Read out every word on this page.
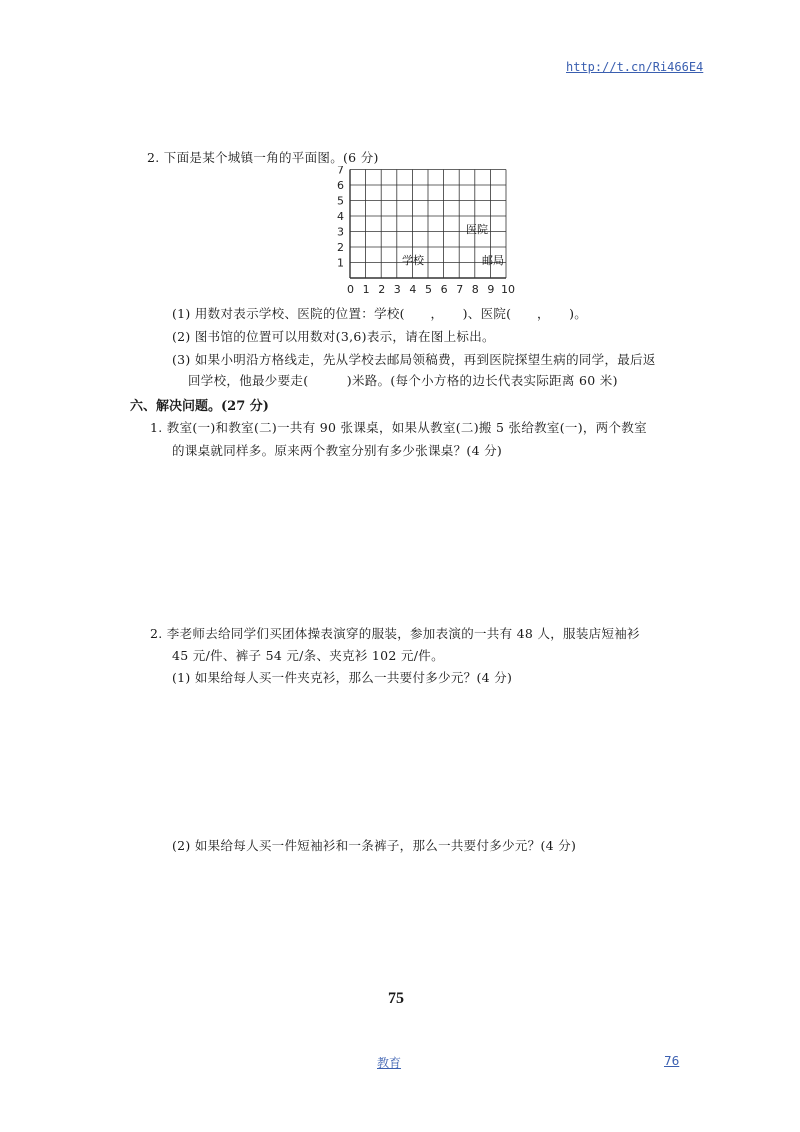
http://t.cn/Ri466E4
2. 下面是某个城镇一角的平面图。(6 分)
7
6
5
4
3
2
1
0 1 2 3 4 5 6 7 8 9 10
学校
医院
邮局
(1) 用数对表示学校、医院的位置：学校(　　，　　)、医院(　　，　　)。
(2) 图书馆的位置可以用数对(3,6)表示，请在图上标出。
(3) 如果小明沿方格线走，先从学校去邮局领稿费，再到医院探望生病的同学，最后返
回学校，他最少要走(　　　)米路。(每个小方格的边长代表实际距离 60 米)
六、解决问题。(27 分)
1. 教室(一)和教室(二)一共有 90 张课桌，如果从教室(二)搬 5 张给教室(一)，两个教室
的课桌就同样多。原来两个教室分别有多少张课桌？(4 分)
2. 李老师去给同学们买团体操表演穿的服装，参加表演的一共有 48 人，服装店短袖衫
45 元/件、裤子 54 元/条、夹克衫 102 元/件。
(1) 如果给每人买一件夹克衫，那么一共要付多少元？(4 分)
(2) 如果给每人买一件短袖衫和一条裤子，那么一共要付多少元？(4 分)
75
教育	76
